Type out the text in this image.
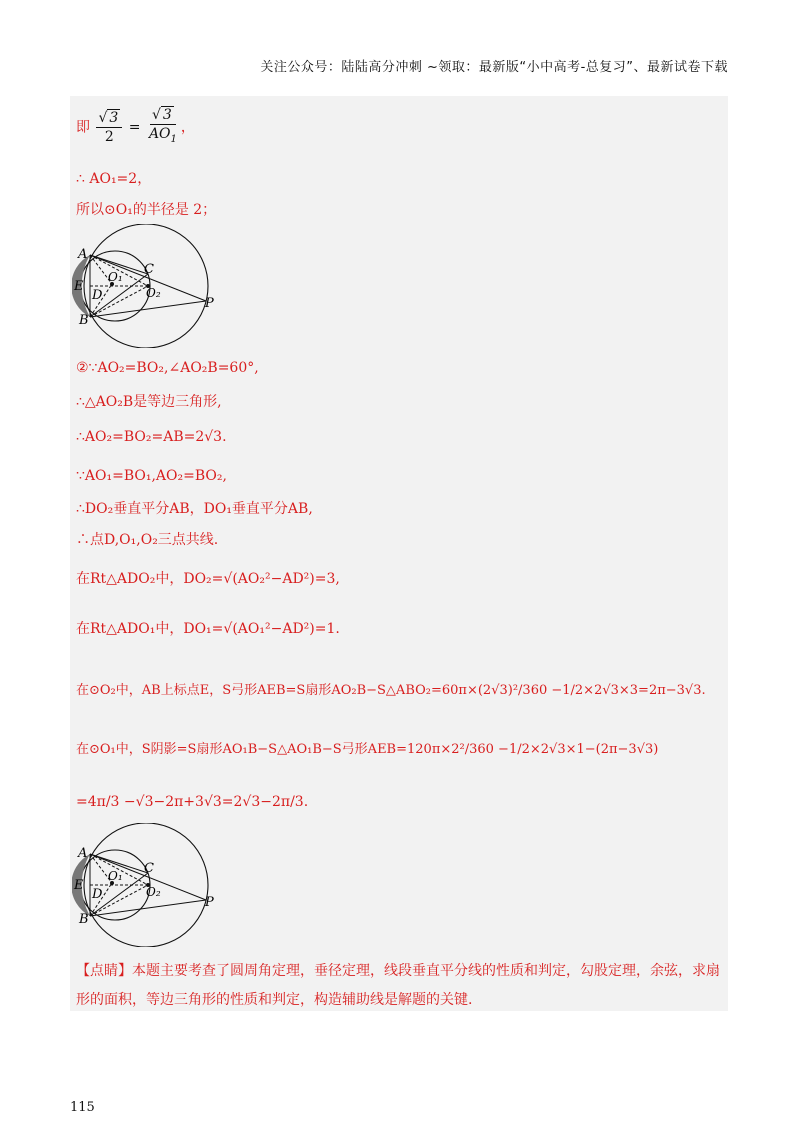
关注公众号：陆陆高分冲刺 ~领取：最新版“小中高考-总复习”、最新试卷下载
即 $\frac{√ 3}{2} = \frac{√ 3}{AO_1}$ ，
∴ AO₁=2，
所以⊙O₁的半径是 2；
A
B
C
D
E
O₁
O₂
P
②∵AO₂=BO₂,∠AO₂B=60°,
∴△AO₂B是等边三角形,
∴AO₂=BO₂=AB=2√3.
∵AO₁=BO₁,AO₂=BO₂,
∴DO₂垂直平分AB，DO₁垂直平分AB,
∴点D,O₁,O₂三点共线.
在Rt△ADO₂中，DO₂=√(AO₂²−AD²)=3,
在Rt△ADO₁中，DO₁=√(AO₁²−AD²)=1.
在⊙O₂中，AB上标点E，S弓形AEB=S扇形AO₂B−S△ABO₂=60π×(2√3)²/360 −1/2×2√3×3=2π−3√3.
在⊙O₁中，S阴影=S扇形AO₁B−S△AO₁B−S弓形AEB=120π×2²/360 −1/2×2√3×1−(2π−3√3)
=4π/3 −√3−2π+3√3=2√3−2π/3.
A
B
C
D
E
O₁
O₂
P
【点睛】本题主要考查了圆周角定理，垂径定理，线段垂直平分线的性质和判定，勾股定理，余弦，求扇
形的面积，等边三角形的性质和判定，构造辅助线是解题的关键.
115
